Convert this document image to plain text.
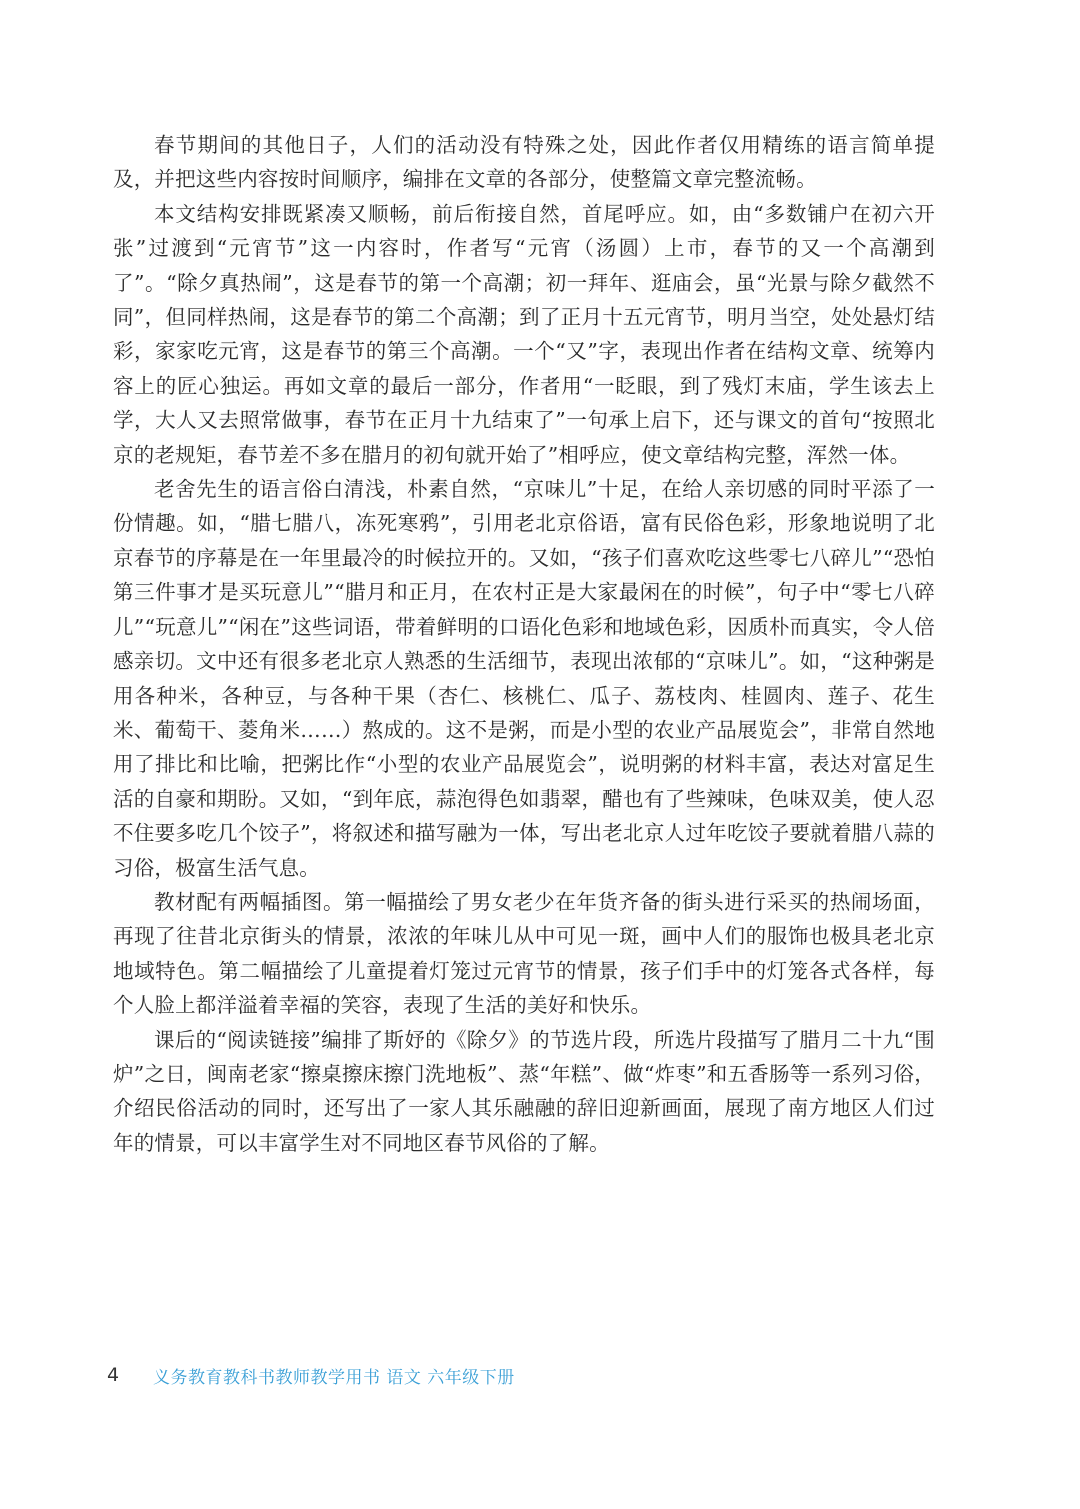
春节期间的其他日子，人们的活动没有特殊之处，因此作者仅用精练的语言简单提及，并把这些内容按时间顺序，编排在文章的各部分，使整篇文章完整流畅。

本文结构安排既紧凑又顺畅，前后衔接自然，首尾呼应。如，由“多数铺户在初六开张”过渡到“元宵节”这一内容时，作者写“元宵（汤圆）上市，春节的又一个高潮到了”。“除夕真热闹”，这是春节的第一个高潮；初一拜年、逛庙会，虽“光景与除夕截然不同”，但同样热闹，这是春节的第二个高潮；到了正月十五元宵节，明月当空，处处悬灯结彩，家家吃元宵，这是春节的第三个高潮。一个“又”字，表现出作者在结构文章、统筹内容上的匠心独运。再如文章的最后一部分，作者用“一眨眼，到了残灯末庙，学生该去上学，大人又去照常做事，春节在正月十九结束了”一句承上启下，还与课文的首句“按照北京的老规矩，春节差不多在腊月的初旬就开始了”相呼应，使文章结构完整，浑然一体。

老舍先生的语言俗白清浅，朴素自然，“京味儿”十足，在给人亲切感的同时平添了一份情趣。如，“腊七腊八，冻死寒鸦”，引用老北京俗语，富有民俗色彩，形象地说明了北京春节的序幕是在一年里最冷的时候拉开的。又如，“孩子们喜欢吃这些零七八碎儿”“恐怕第三件事才是买玩意儿”“腊月和正月，在农村正是大家最闲在的时候”，句子中“零七八碎儿”“玩意儿”“闲在”这些词语，带着鲜明的口语化色彩和地域色彩，因质朴而真实，令人倍感亲切。文中还有很多老北京人熟悉的生活细节，表现出浓郁的“京味儿”。如，“这种粥是用各种米，各种豆，与各种干果（杏仁、核桃仁、瓜子、荔枝肉、桂圆肉、莲子、花生米、葡萄干、菱角米……）熬成的。这不是粥，而是小型的农业产品展览会”，非常自然地用了排比和比喻，把粥比作“小型的农业产品展览会”，说明粥的材料丰富，表达对富足生活的自豪和期盼。又如，“到年底，蒜泡得色如翡翠，醋也有了些辣味，色味双美，使人忍不住要多吃几个饺子”，将叙述和描写融为一体，写出老北京人过年吃饺子要就着腊八蒜的习俗，极富生活气息。

教材配有两幅插图。第一幅描绘了男女老少在年货齐备的街头进行采买的热闹场面，再现了往昔北京街头的情景，浓浓的年味儿从中可见一斑，画中人们的服饰也极具老北京地域特色。第二幅描绘了儿童提着灯笼过元宵节的情景，孩子们手中的灯笼各式各样，每个人脸上都洋溢着幸福的笑容，表现了生活的美好和快乐。

课后的“阅读链接”编排了斯妤的《除夕》的节选片段，所选片段描写了腊月二十九“围炉”之日，闽南老家“擦桌擦床擦门洗地板”、蒸“年糕”、做“炸枣”和五香肠等一系列习俗，介绍民俗活动的同时，还写出了一家人其乐融融的辞旧迎新画面，展现了南方地区人们过年的情景，可以丰富学生对不同地区春节风俗的了解。

4	义务教育教科书教师教学用书 语文 六年级下册
